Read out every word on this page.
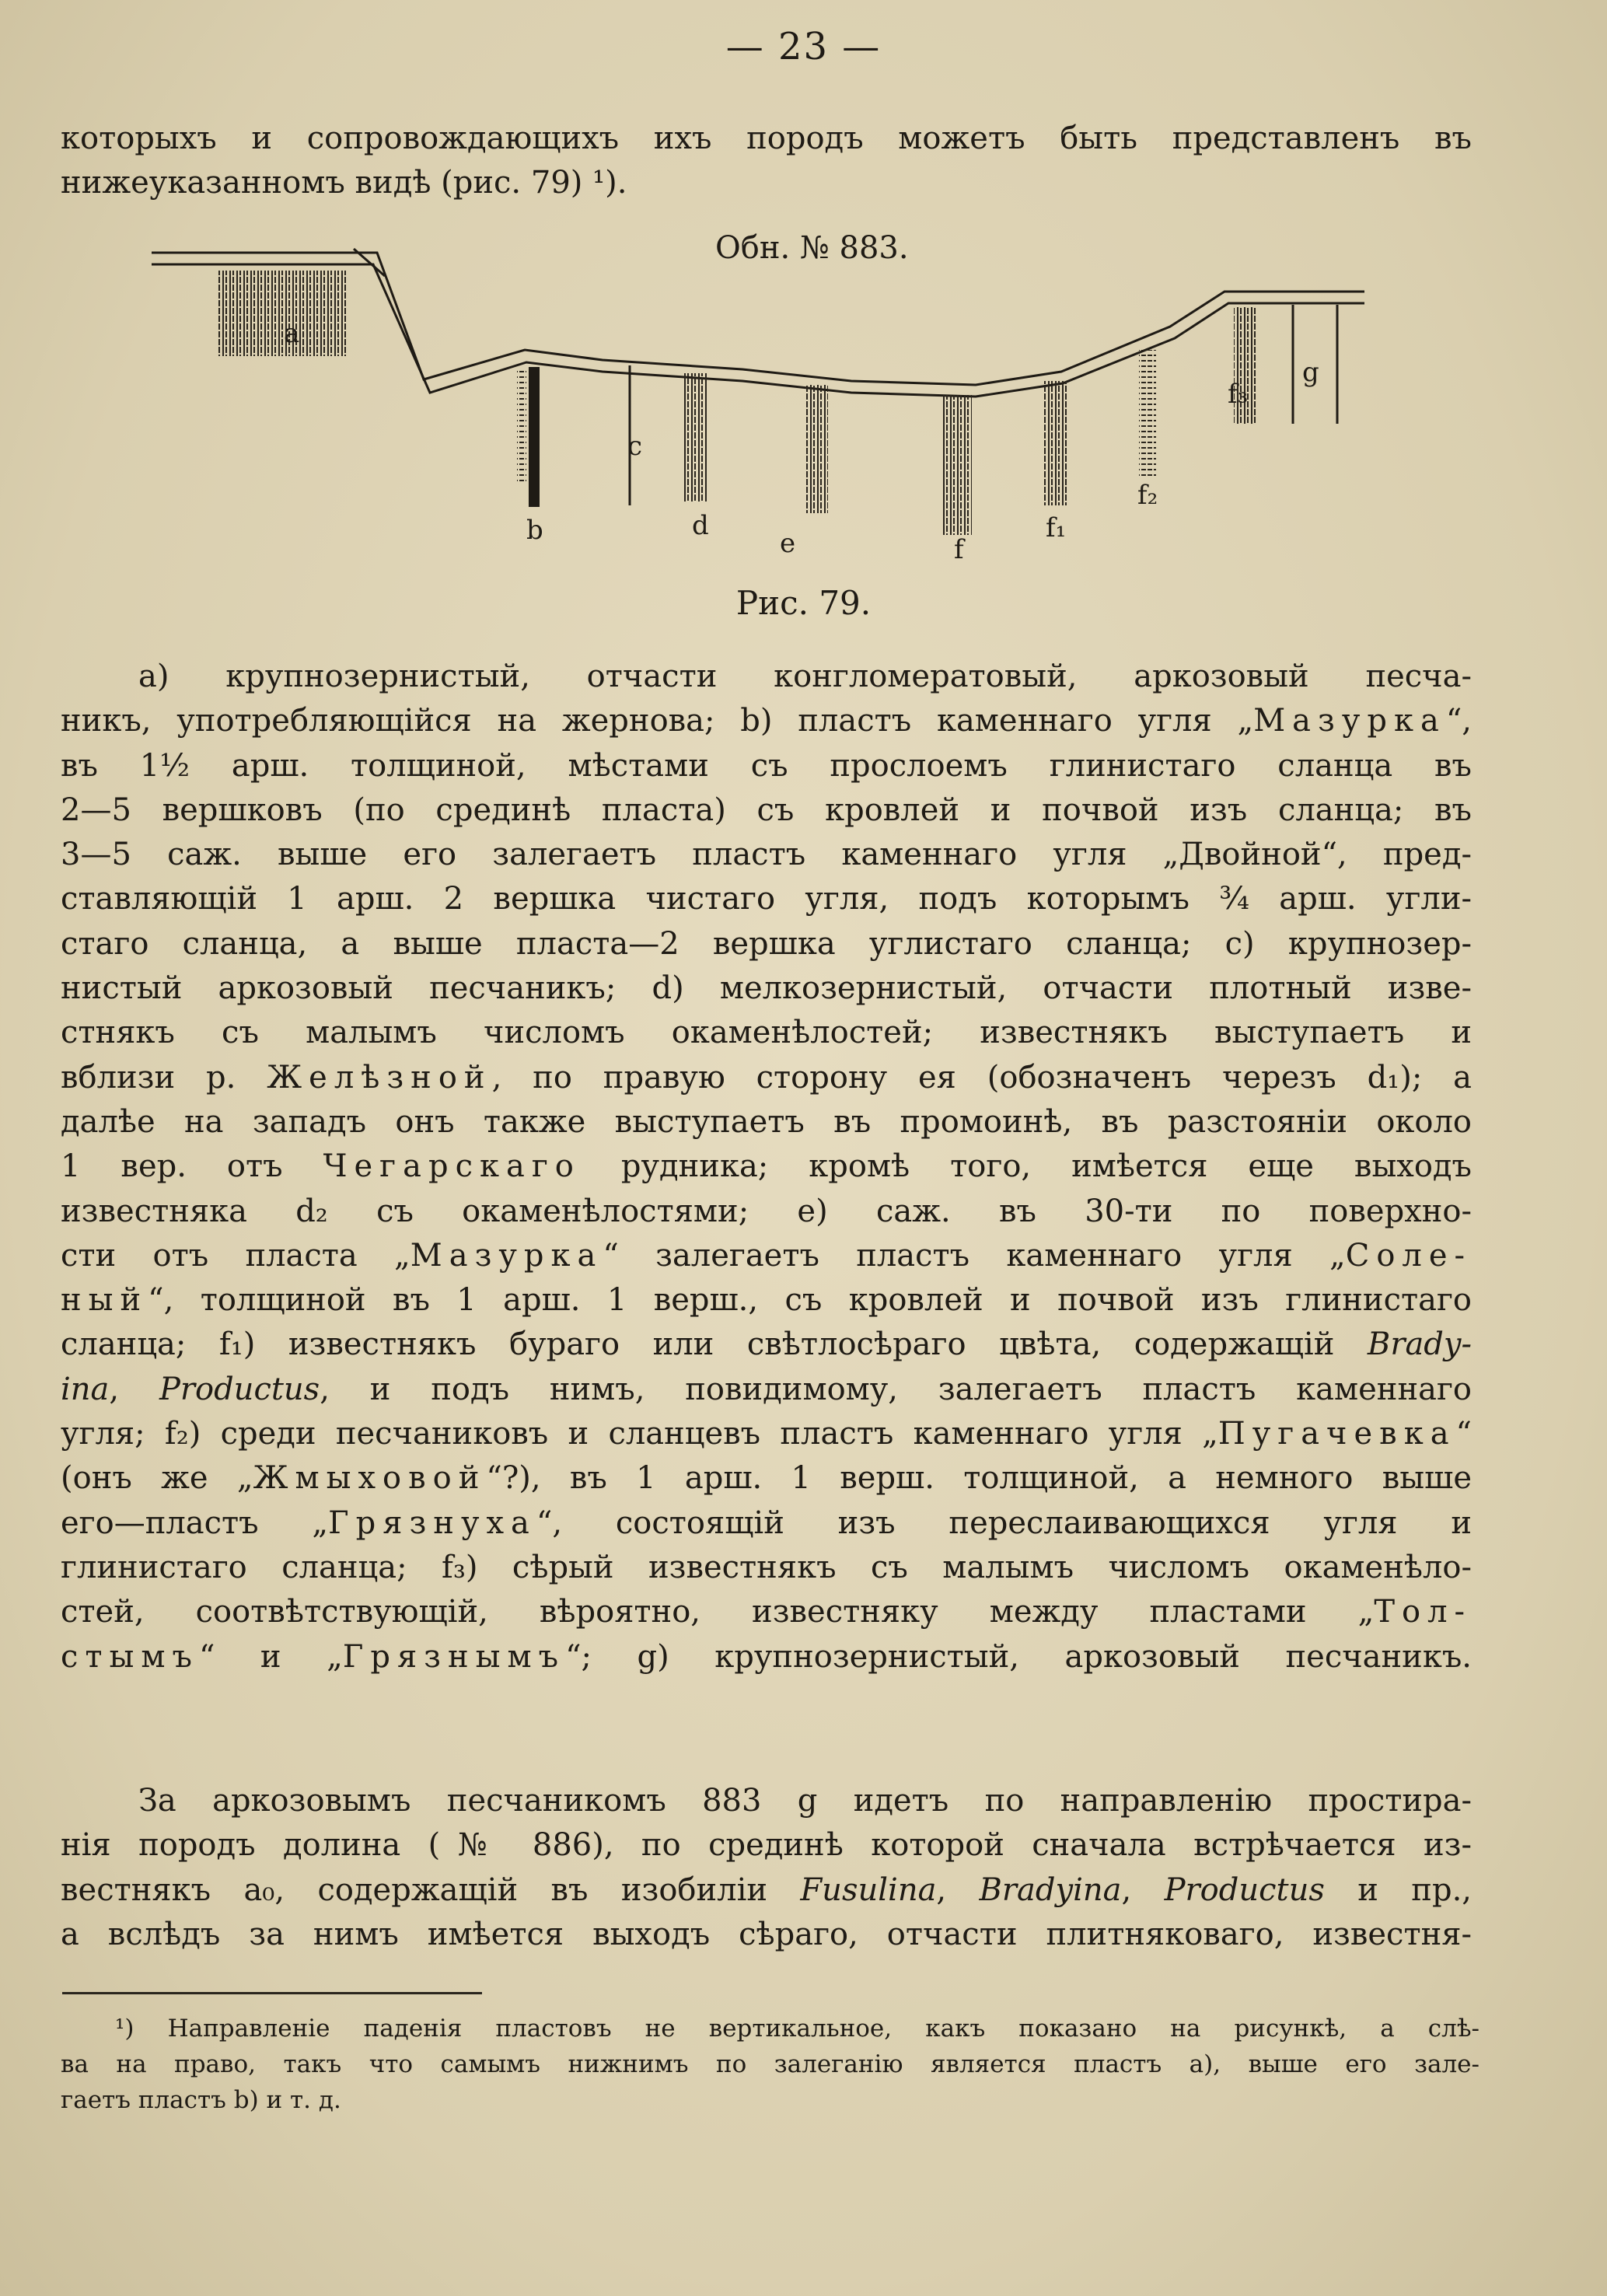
— 23 —

которыхъ и сопровождающихъ ихъ породъ можетъ быть представленъ въ
нижеуказанномъ видѣ (рис. 79) ¹).

Обн. № 883.
a
b
c
d
e	f
f₁
f₂
f₃
g
Рис. 79.

а) крупнозернистый, отчасти конгломератовый, аркозовый песча-
никъ, употребляющійся на жернова; b) пластъ каменнаго угля „Мазурка“,
въ 1½ арш. толщиной, мѣстами съ прослоемъ глинистаго сланца въ
2—5 вершковъ (по срединѣ пласта) съ кровлей и почвой изъ сланца; въ
3—5 саж. выше его залегаетъ пластъ каменнаго угля „Двойной“, пред-
ставляющій 1 арш. 2 вершка чистаго угля, подъ которымъ ¾ арш. угли-
стаго сланца, а выше пласта—2 вершка углистаго сланца; с) крупнозер-
нистый аркозовый песчаникъ; d) мелкозернистый, отчасти плотный изве-
стнякъ съ малымъ числомъ окаменѣлостей; известнякъ выступаетъ и
вблизи р. Желѣзной, по правую сторону ея (обозначенъ черезъ d₁); а
далѣе на западъ онъ также выступаетъ въ промоинѣ, въ разстояніи около
1 вер. отъ Чегарскаго рудника; кромѣ того, имѣется еще выходъ
известняка d₂ съ окаменѣлостями; е) саж. въ 30-ти по поверхно-
сти отъ пласта „Мазурка“ залегаетъ пластъ каменнаго угля „Соле-
ный“, толщиной въ 1 арш. 1 верш., съ кровлей и почвой изъ глинистаго
сланца; f₁) известнякъ бураго или свѣтлосѣраго цвѣта, содержащій Brady-
ina, Productus, и подъ нимъ, повидимому, залегаетъ пластъ каменнаго
угля; f₂) среди песчаниковъ и сланцевъ пластъ каменнаго угля „Пугачевка“
(онъ же „Жмыховой“?), въ 1 арш. 1 верш. толщиной, а немного выше
его—пластъ „Грязнуха“, состоящій изъ переслаивающихся угля и
глинистаго сланца; f₃) сѣрый известнякъ съ малымъ числомъ окаменѣло-
стей, соотвѣтствующій, вѣроятно, известняку между пластами „Тол-
стымъ“ и „Грязнымъ“; g) крупнозернистый, аркозовый песчаникъ.

За аркозовымъ песчаникомъ 883 g идетъ по направленію простира-
нія породъ долина (№ 886), по срединѣ которой сначала встрѣчается из-
вестнякъ a₀, содержащій въ изобиліи Fusulina, Bradyina, Productus и пр.,
а вслѣдъ за нимъ имѣется выходъ сѣраго, отчасти плитняковаго, известня-

¹) Направленіе паденія пластовъ не вертикальное, какъ показано на рисункѣ, а слѣ-
ва на право, такъ что самымъ нижнимъ по залеганію является пластъ а), выше его зале-
гаетъ пластъ b) и т. д.
